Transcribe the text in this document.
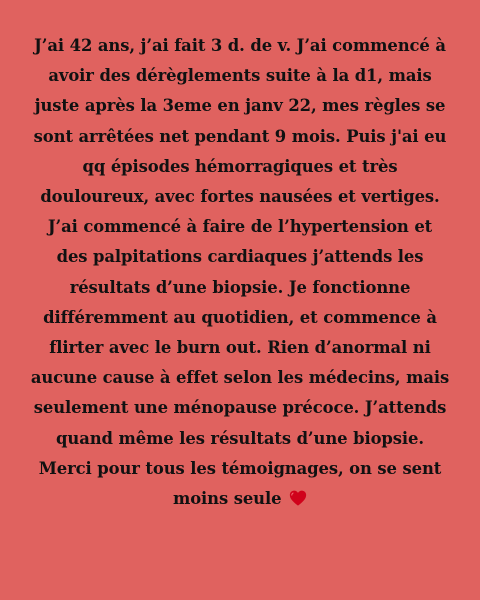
J’ai 42 ans, j’ai fait 3 d. de v. J’ai commencé à
avoir des dérèglements suite à la d1, mais
juste après la 3eme en janv 22, mes règles se
sont arrêtées net pendant 9 mois. Puis j'ai eu
qq épisodes hémorragiques et très
douloureux, avec fortes nausées et vertiges.
J’ai commencé à faire de l’hypertension et
des palpitations cardiaques j’attends les
résultats d’une biopsie. Je fonctionne
différemment au quotidien, et commence à
flirter avec le burn out. Rien d’anormal ni
aucune cause à effet selon les médecins, mais
seulement une ménopause précoce. J’attends
quand même les résultats d’une biopsie.
Merci pour tous les témoignages, on se sent
moins seule
